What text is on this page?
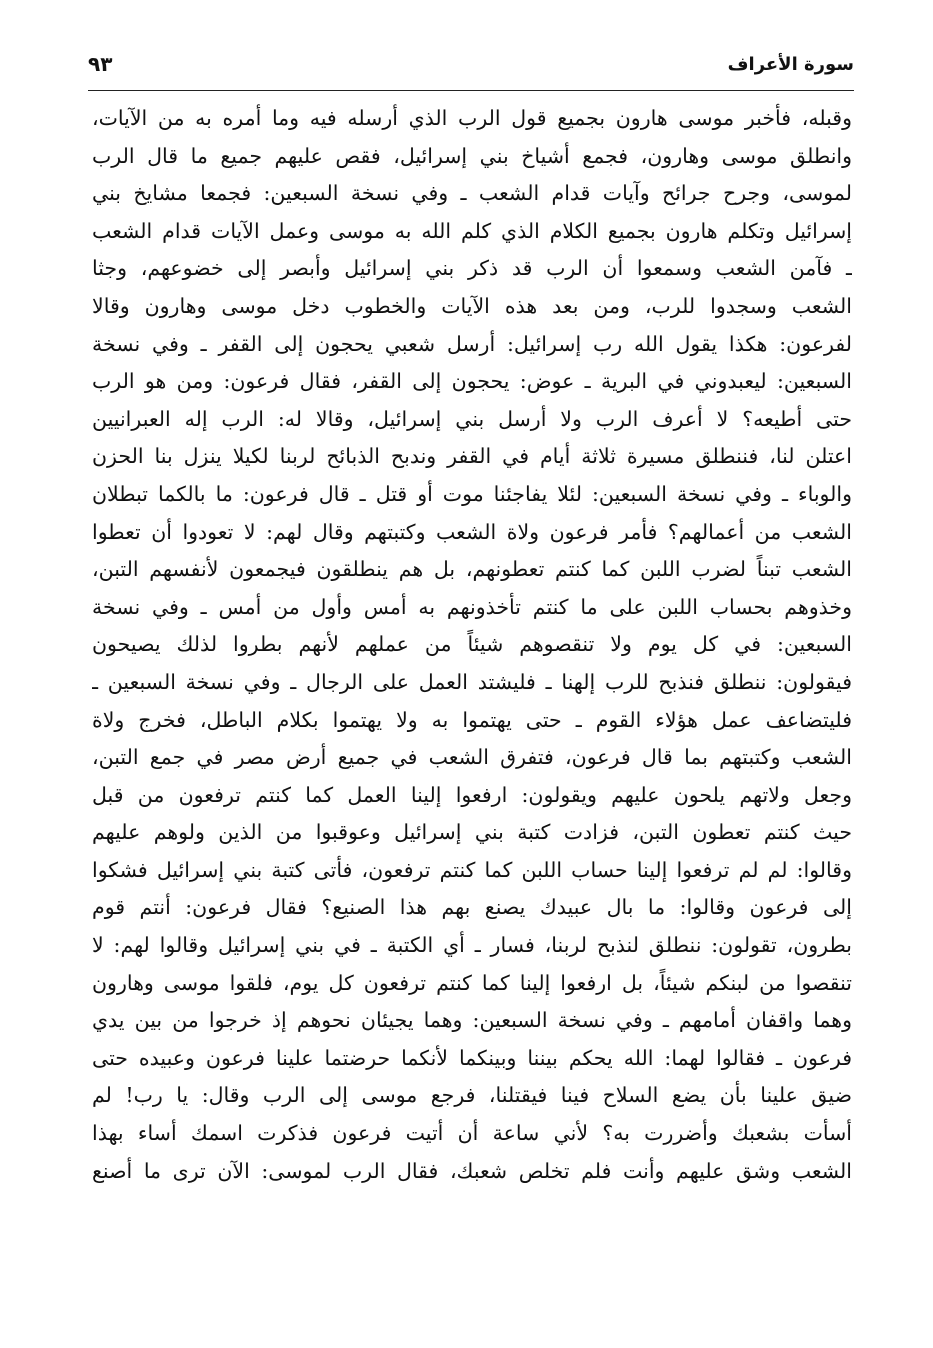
سورة الأعراف
٩٣
وقبله، فأخبر موسى هارون بجميع قول الرب الذي أرسله فيه وما أمره به من الآيات،
وانطلق موسى وهارون، فجمع أشياخ بني إسرائيل، فقص عليهم جميع ما قال الرب
لموسى، وجرح جرائح وآيات قدام الشعب ـ وفي نسخة السبعين: فجمعا مشايخ بني
إسرائيل وتكلم هارون بجميع الكلام الذي كلم الله به موسى وعمل الآيات قدام الشعب
ـ فآمن الشعب وسمعوا أن الرب قد ذكر بني إسرائيل وأبصر إلى خضوعهم، وجثا
الشعب وسجدوا للرب، ومن بعد هذه الآيات والخطوب دخل موسى وهارون وقالا
لفرعون: هكذا يقول الله رب إسرائيل: أرسل شعبي يحجون إلى القفر ـ وفي نسخة
السبعين: ليعبدوني في البرية ـ عوض: يحجون إلى القفر، فقال فرعون: ومن هو الرب
حتى أطيعه؟ لا أعرف الرب ولا أرسل بني إسرائيل، وقالا له: الرب إله العبرانيين
اعتلن لنا، فننطلق مسيرة ثلاثة أيام في القفر وندبح الذبائح لربنا لكيلا ينزل بنا الحزن
والوباء ـ وفي نسخة السبعين: لئلا يفاجئنا موت أو قتل ـ قال فرعون: ما بالكما تبطلان
الشعب من أعمالهم؟ فأمر فرعون ولاة الشعب وكتبتهم وقال لهم: لا تعودوا أن تعطوا
الشعب تبناً لضرب اللبن كما كنتم تعطونهم، بل هم ينطلقون فيجمعون لأنفسهم التبن،
وخذوهم بحساب اللبن على ما كنتم تأخذونهم به أمس وأول من أمس ـ وفي نسخة
السبعين: في كل يوم ولا تنقصوهم شيئاً من عملهم لأنهم بطروا لذلك يصيحون
فيقولون: ننطلق فنذبح للرب إلهنا ـ فليشتد العمل على الرجال ـ وفي نسخة السبعين ـ
فليتضاعف عمل هؤلاء القوم ـ حتى يهتموا به ولا يهتموا بكلام الباطل، فخرج ولاة
الشعب وكتبتهم بما قال فرعون، فتفرق الشعب في جميع أرض مصر في جمع التبن،
وجعل ولاتهم يلحون عليهم ويقولون: ارفعوا إلينا العمل كما كنتم ترفعون من قبل
حيث كنتم تعطون التبن، فزادت كتبة بني إسرائيل وعوقبوا من الذين ولوهم عليهم
وقالوا: لم لم ترفعوا إلينا حساب اللبن كما كنتم ترفعون، فأتى كتبة بني إسرائيل فشكوا
إلى فرعون وقالوا: ما بال عبيدك يصنع بهم هذا الصنيع؟ فقال فرعون: أنتم قوم
بطرون، تقولون: ننطلق لنذبح لربنا، فسار ـ أي الكتبة ـ في بني إسرائيل وقالوا لهم: لا
تنقصوا من لبنكم شيئاً، بل ارفعوا إلينا كما كنتم ترفعون كل يوم، فلقوا موسى وهارون
وهما واقفان أمامهم ـ وفي نسخة السبعين: وهما يجيئان نحوهم إذ خرجوا من بين يدي
فرعون ـ فقالوا لهما: الله يحكم بيننا وبينكما لأنكما حرضتما علينا فرعون وعبيده حتى
ضيق علينا بأن يضع السلاح فينا فيقتلنا، فرجع موسى إلى الرب وقال: يا رب! لم
أسأت بشعبك وأضررت به؟ لأني ساعة أن أتيت فرعون فذكرت اسمك أساء بهذا
الشعب وشق عليهم وأنت فلم تخلص شعبك، فقال الرب لموسى: الآن ترى ما أصنع
